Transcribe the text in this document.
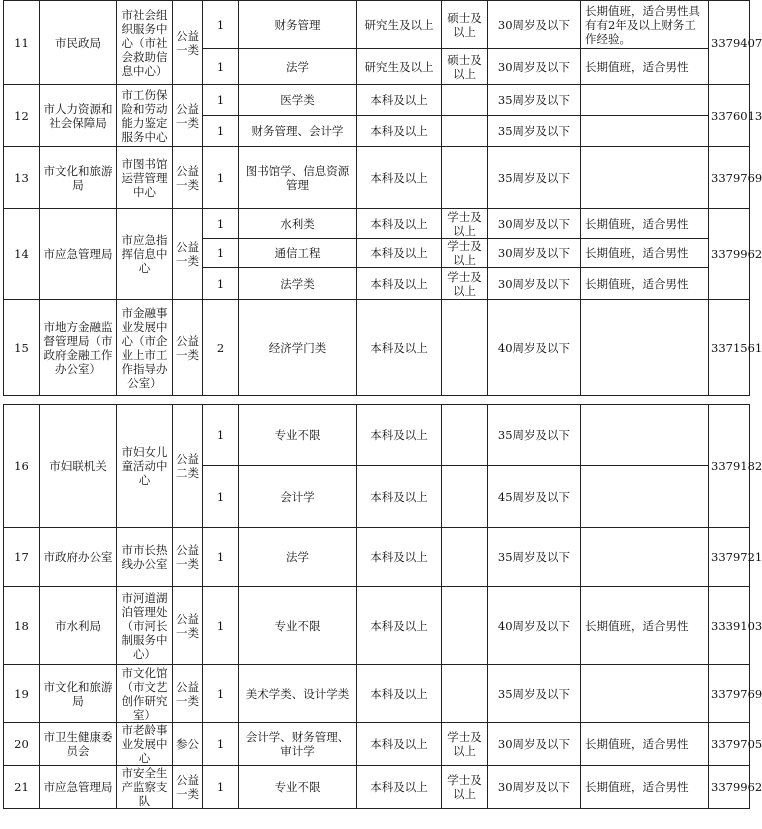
11	市民政局	市社会组织服务中心（市社会救助信息中心）	公益一类	1	财务管理	研究生及以上	硕士及以上	30周岁及以下	长期值班，适合男性具有有2年及以上财务工作经验。	3379407
				1	法学	研究生及以上	硕士及以上	30周岁及以下	长期值班，适合男性	
12	市人力资源和社会保障局	市工伤保险和劳动能力鉴定服务中心	公益一类	1	医学类	本科及以上		35周岁及以下		3376013
				1	财务管理、会计学	本科及以上		35周岁及以下		
13	市文化和旅游局	市图书馆运营管理中心	公益一类	1	图书馆学、信息资源管理	本科及以上		35周岁及以下		3379769
14	市应急管理局	市应急指挥信息中心	公益一类	1	水利类	本科及以上	学士及以上	30周岁及以下	长期值班，适合男性	3379962
				1	通信工程	本科及以上	学士及以上	30周岁及以下	长期值班，适合男性	
				1	法学类	本科及以上	学士及以上	30周岁及以下	长期值班，适合男性	
15	市地方金融监督管理局（市政府金融工作办公室）	市金融事业发展中心（市企业上市工作指导办公室）	公益一类	2	经济学门类	本科及以上		40周岁及以下		3371561
16	市妇联机关	市妇女儿童活动中心	公益二类	1	专业不限	本科及以上		35周岁及以下		3379182
				1	会计学	本科及以上		45周岁及以下		
17	市政府办公室	市市长热线办公室	公益一类	1	法学	本科及以上		35周岁及以下		3379721
18	市水利局	市河道湖泊管理处（市河长制服务中心）	公益一类	1	专业不限	本科及以上		40周岁及以下	长期值班，适合男性	3339103
19	市文化和旅游局	市文化馆（市文艺创作研究室）	公益一类	1	美术学类、设计学类	本科及以上		35周岁及以下		3379769
20	市卫生健康委员会	市老龄事业发展中心	参公	1	会计学、财务管理、审计学	本科及以上	学士及以上	30周岁及以下	长期值班，适合男性	3379705
21	市应急管理局	市安全生产监察支队	公益一类	1	专业不限	本科及以上	学士及以上	30周岁及以下	长期值班，适合男性	3379962
